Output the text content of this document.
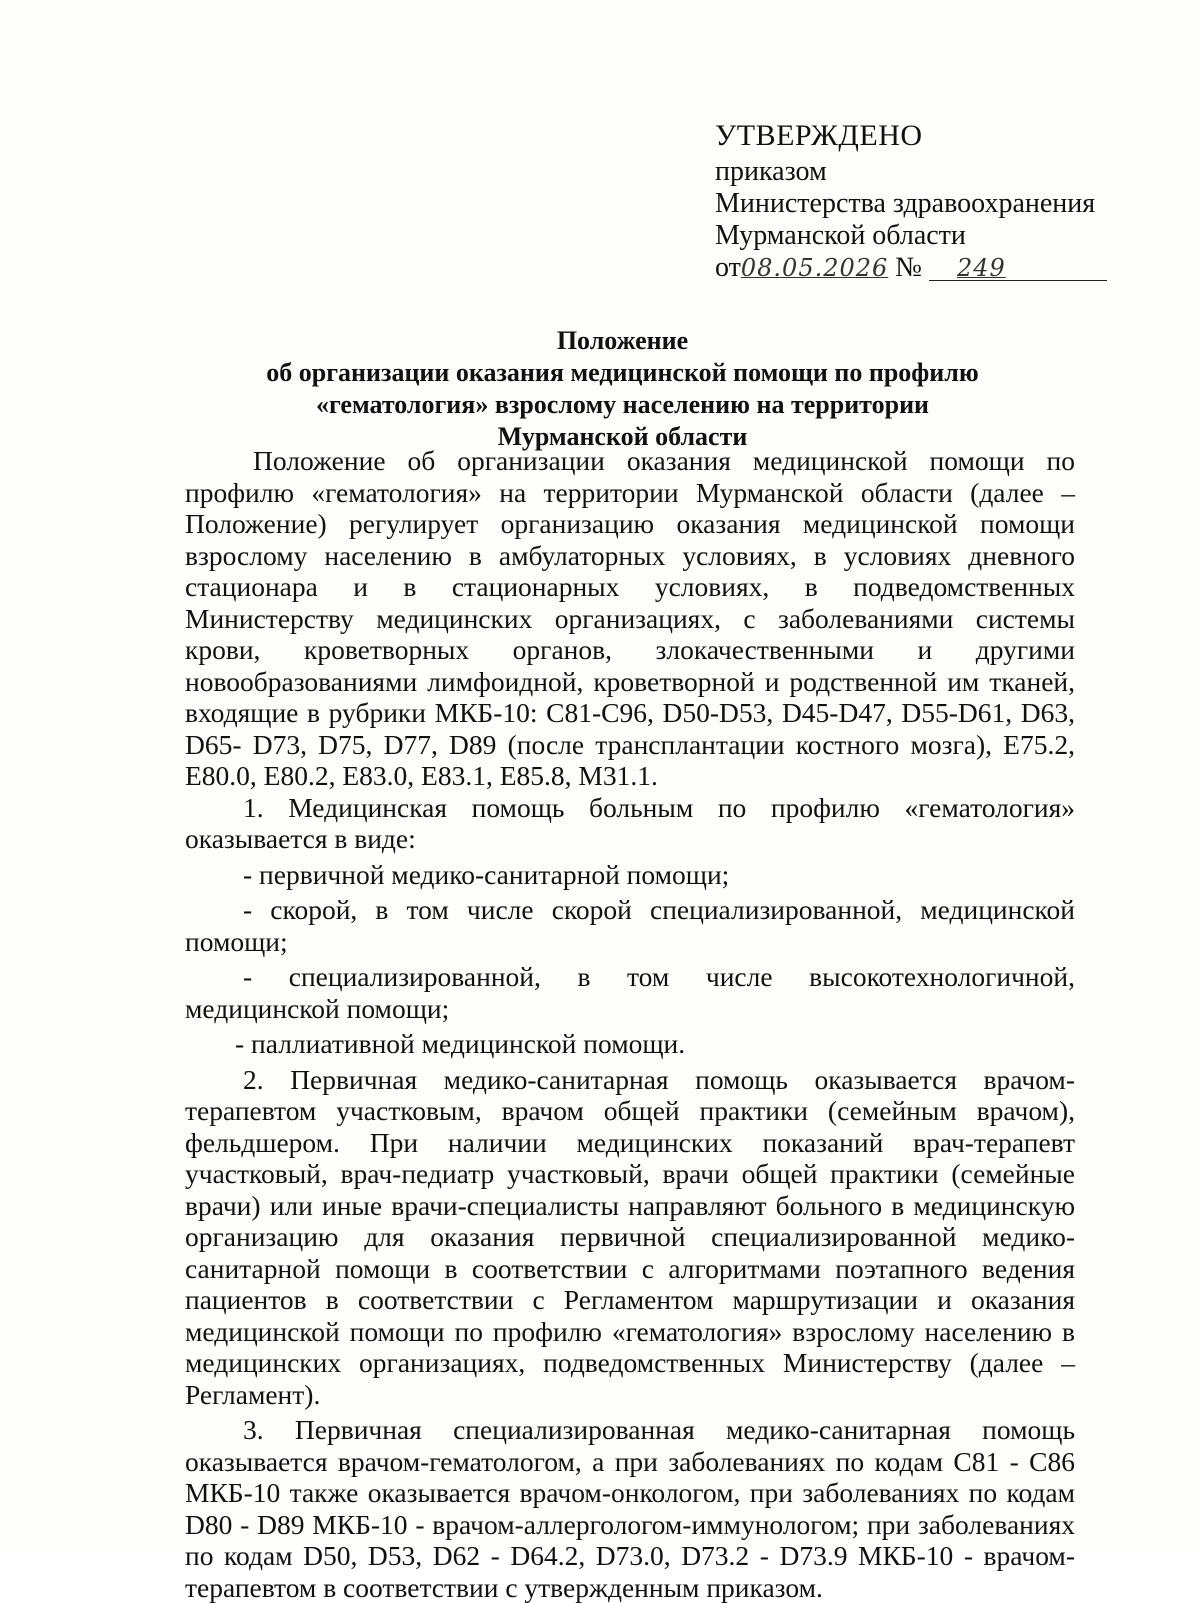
УТВЕРЖДЕНО
приказом
Министерства здравоохранения
Мурманской области
от08.05.2026 № 249
Положение
об организации оказания медицинской помощи по профилю
«гематология» взрослому населению на территории
Мурманской области

Положение об организации оказания медицинской помощи по профилю «гематология» на территории Мурманской области (далее – Положение) регулирует организацию оказания медицинской помощи взрослому населению в амбулаторных условиях, в условиях дневного стационара и в стационарных условиях, в подведомственных Министерству медицинских организациях, с заболеваниями системы крови, кроветворных органов, злокачественными и другими новообразованиями лимфоидной, кроветворной и родственной им тканей, входящие в рубрики МКБ-10: С81-С96, D50-D53, D45-D47, D55-D61, D63, D65- D73, D75, D77, D89 (после трансплантации костного мозга), E75.2, E80.0, E80.2, E83.0, E83.1, E85.8, M31.1.

1. Медицинская помощь больным по профилю «гематология» оказывается в виде:

- первичной медико-санитарной помощи;

- скорой, в том числе скорой специализированной, медицинской помощи;

- специализированной, в том числе высокотехнологичной, медицинской помощи;

- паллиативной медицинской помощи.

2. Первичная медико-санитарная помощь оказывается врачом-терапевтом участковым, врачом общей практики (семейным врачом), фельдшером. При наличии медицинских показаний врач-терапевт участковый, врач-педиатр участковый, врачи общей практики (семейные врачи) или иные врачи-специалисты направляют больного в медицинскую организацию для оказания первичной специализированной медико-санитарной помощи в соответствии с алгоритмами поэтапного ведения пациентов в соответствии с Регламентом маршрутизации и оказания медицинской помощи по профилю «гематология» взрослому населению в медицинских организациях, подведомственных Министерству (далее – Регламент).

3. Первичная специализированная медико-санитарная помощь оказывается врачом-гематологом, а при заболеваниях по кодам С81 - С86 МКБ-10 также оказывается врачом-онкологом, при заболеваниях по кодам D80 - D89 МКБ-10 - врачом-аллергологом-иммунологом; при заболеваниях по кодам D50, D53, D62 - D64.2, D73.0, D73.2 - D73.9 МКБ-10 - врачом-терапевтом в соответствии с утвержденным приказом.
